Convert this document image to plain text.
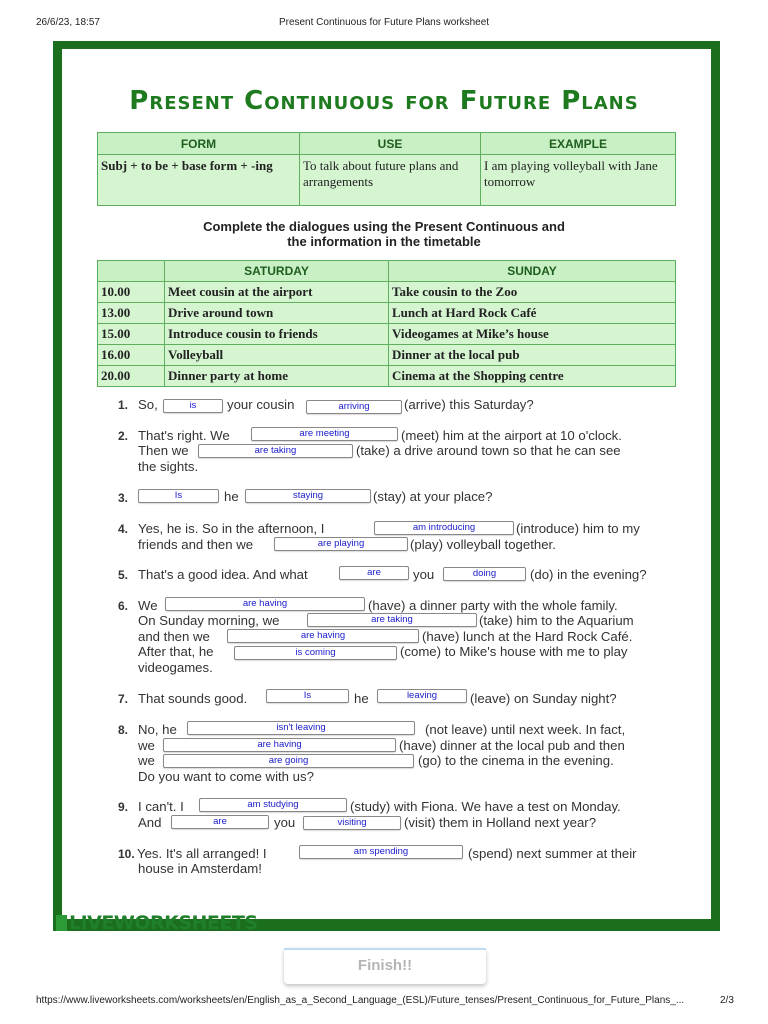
26/6/23, 18:57	Present Continuous for Future Plans worksheet
Present Continuous for Future Plans
FORM	USE	EXAMPLE
Subj + to be + base form + -ing	To talk about future plans and arrangements	I am playing volleyball with Jane tomorrow
Complete the dialogues using the Present Continuous and
the information in the timetable
	SATURDAY	SUNDAY
10.00	Meet cousin at the airport	Take cousin to the Zoo
13.00	Drive around town	Lunch at Hard Rock Café
15.00	Introduce cousin to friends	Videogames at Mike’s house
16.00	Volleyball	Dinner at the local pub
20.00	Dinner party at home	Cinema at the Shopping centre
1. So,	is	your cousin	arriving	(arrive) this Saturday?
2. That's right. We	are meeting	(meet) him at the airport at 10 o'clock.
Then we	are taking	(take) a drive around town so that he can see
the sights.
3.	Is	he	staying	(stay) at your place?
4. Yes, he is. So in the afternoon, I	am introducing	(introduce) him to my
friends and then we	are playing	(play) volleyball together.
5. That's a good idea. And what	are	you	doing	(do) in the evening?
6. We	are having	(have) a dinner party with the whole family.
On Sunday morning, we	are taking	(take) him to the Aquarium
and then we	are having	(have) lunch at the Hard Rock Café.
After that, he	is coming	(come) to Mike's house with me to play
videogames.
7. That sounds good.	Is	he	leaving	(leave) on Sunday night?
8. No, he	isn't leaving	(not leave) until next week. In fact,
we	are having	(have) dinner at the local pub and then
we	are going	(go) to the cinema in the evening.
Do you want to come with us?
9. I can't. I	am studying	(study) with Fiona. We have a test on Monday.
And	are	you	visiting	(visit) them in Holland next year?
10. Yes. It's all arranged! I	am spending	(spend) next summer at their
house in Amsterdam!
LIVEWORKSHEETS
Finish!!
https://www.liveworksheets.com/worksheets/en/English_as_a_Second_Language_(ESL)/Future_tenses/Present_Continuous_for_Future_Plans_...	2/3
